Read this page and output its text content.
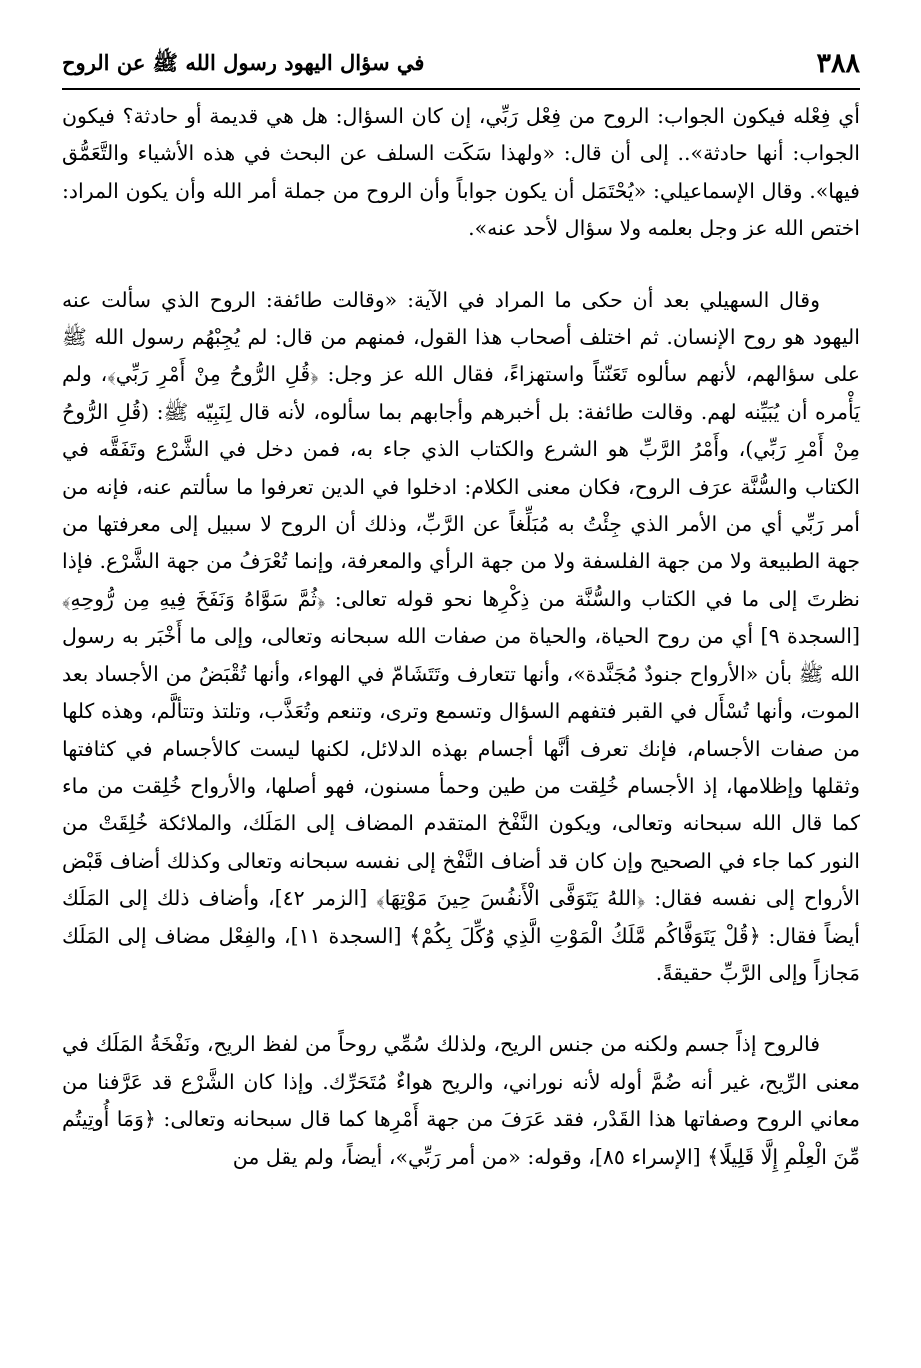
٣٨٨
في سؤال اليهود رسول الله ﷺ عن الروح

أي فِعْله فيكون الجواب: الروح من فِعْل رَبِّي، إن كان السؤال: هل هي قديمة أو حادثة؟ فيكون الجواب: أنها حادثة».. إلى أن قال: «ولهذا سَكَت السلف عن البحث في هذه الأشياء والتَّعَمُّق فيها». وقال الإسماعيلي: «يُحْتَمَل أن يكون جواباً وأن الروح من جملة أمر الله وأن يكون المراد: اختص الله عز وجل بعلمه ولا سؤال لأحد عنه».

وقال السهيلي بعد أن حكى ما المراد في الآية: «وقالت طائفة: الروح الذي سألت عنه اليهود هو روح الإنسان. ثم اختلف أصحاب هذا القول، فمنهم من قال: لم يُجِبْهُم رسول الله ﷺ على سؤالهم، لأنهم سألوه تَعَنّتاً واستهزاءً، فقال الله عز وجل: ﴿قُلِ الرُّوحُ مِنْ أَمْرِ رَبِّي﴾، ولم يَأْمره أن يُبَيِّنه لهم. وقالت طائفة: بل أخبرهم وأجابهم بما سألوه، لأنه قال لِنَبِيّه ﷺ: (قُلِ الرُّوحُ مِنْ أَمْرِ رَبِّي)، وأَمْرُ الرَّبِّ هو الشرع والكتاب الذي جاء به، فمن دخل في الشَّرْع وتَفَقَّه في الكتاب والسُّنَّة عرَف الروح، فكان معنى الكلام: ادخلوا في الدين تعرفوا ما سألتم عنه، فإنه من أمر رَبِّي أي من الأمر الذي جِئْتُ به مُبَلِّغاً عن الرَّبِّ، وذلك أن الروح لا سبيل إلى معرفتها من جهة الطبيعة ولا من جهة الفلسفة ولا من جهة الرأي والمعرفة، وإنما تُعْرَفُ من جهة الشَّرْع. فإذا نظرتَ إلى ما في الكتاب والسُّنَّة من ذِكْرِها نحو قوله تعالى: ﴿ثُمَّ سَوَّاهُ وَنَفَخَ فِيهِ مِن رُّوحِهِ﴾ [السجدة ٩] أي من روح الحياة، والحياة من صفات الله سبحانه وتعالى، وإلى ما أَخْبَر به رسول الله ﷺ بأن «الأرواح جنودٌ مُجَنَّدة»، وأنها تتعارف وتَتَشَامّ في الهواء، وأنها تُقْبَضُ من الأجساد بعد الموت، وأنها تُسْأَل في القبر فتفهم السؤال وتسمع وترى، وتنعم وتُعَذَّب، وتلتذ وتتألَّم، وهذه كلها من صفات الأجسام، فإنك تعرف أنَّها أجسام بهذه الدلائل، لكنها ليست كالأجسام في كثافتها وثقلها وإظلامها، إذ الأجسام خُلِقت من طين وحمأ مسنون، فهو أصلها، والأرواح خُلِقت من ماء كما قال الله سبحانه وتعالى، ويكون النَّفْخ المتقدم المضاف إلى المَلَك، والملائكة خُلِقَتْ من النور كما جاء في الصحيح وإن كان قد أضاف النَّفْخ إلى نفسه سبحانه وتعالى وكذلك أضاف قَبْض الأرواح إلى نفسه فقال: ﴿اللهُ يَتَوَفَّى الْأَنفُسَ حِينَ مَوْتِهَا﴾ [الزمر ٤٢]، وأضاف ذلك إلى المَلَك أيضاً فقال: ﴿قُلْ يَتَوَفَّاكُم مَّلَكُ الْمَوْتِ الَّذِي وُكِّلَ بِكُمْ﴾ [السجدة ١١]، والفِعْل مضاف إلى المَلَك مَجازاً وإلى الرَّبِّ حقيقةً.

فالروح إذاً جسم ولكنه من جنس الريح، ولذلك سُمِّي روحاً من لفظ الريح، ونَفْخَةُ المَلَك في معنى الرِّيح، غير أنه ضُمَّ أوله لأنه نوراني، والريح هواءٌ مُتَحَرِّك. وإذا كان الشَّرْع قد عَرَّفنا من معاني الروح وصفاتها هذا القَدْر، فقد عَرَفَ من جهة أَمْرِها كما قال سبحانه وتعالى: ﴿وَمَا أُوتِيتُم مِّنَ الْعِلْمِ إِلَّا قَلِيلًا﴾ [الإسراء ٨٥]، وقوله: «من أمر رَبِّي»، أيضاً، ولم يقل من
